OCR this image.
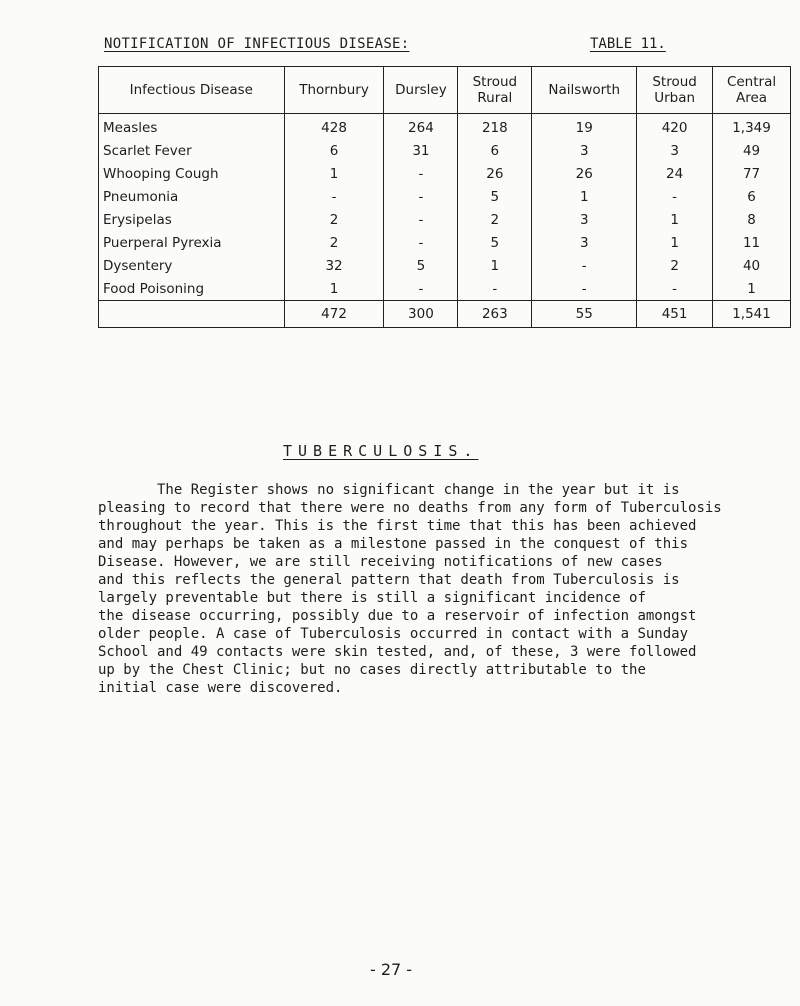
NOTIFICATION OF INFECTIOUS DISEASE:	TABLE 11.
Infectious Disease	Thornbury	Dursley	Stroud Rural	Nailsworth	Stroud Urban	Central Area
Measles	428	264	218	19	420	1,349
Scarlet Fever	6	31	6	3	3	49
Whooping Cough	1	-	26	26	24	77
Pneumonia	-	-	5	1	-	6
Erysipelas	2	-	2	3	1	8
Puerperal Pyrexia	2	-	5	3	1	11
Dysentery	32	5	1	-	2	40
Food Poisoning	1	-	-	-	-	1
	472	300	263	55	451	1,541
TUBERCULOSIS.
The Register shows no significant change in the year but it is
pleasing to record that there were no deaths from any form of Tuberculosis
throughout the year. This is the first time that this has been achieved
and may perhaps be taken as a milestone passed in the conquest of this
Disease. However, we are still receiving notifications of new cases
and this reflects the general pattern that death from Tuberculosis is
largely preventable but there is still a significant incidence of
the disease occurring, possibly due to a reservoir of infection amongst
older people. A case of Tuberculosis occurred in contact with a Sunday
School and 49 contacts were skin tested, and, of these, 3 were followed
up by the Chest Clinic; but no cases directly attributable to the
initial case were discovered.
- 27 -
